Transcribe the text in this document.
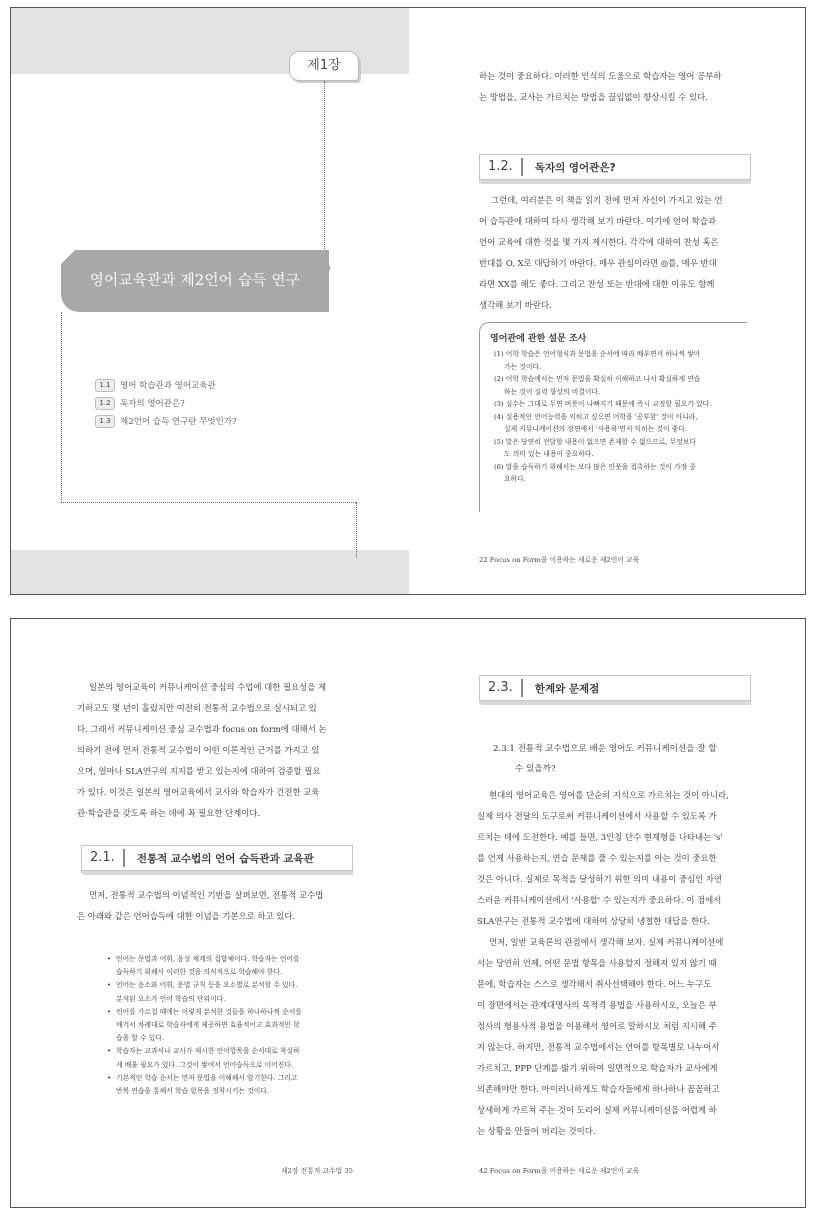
제1장
영어교육관과 제2언어 습득 연구
1.1	영어 학습관과 영어교육관
1.2	독자의 영어관은?
1.3	제2언어 습득 연구란 무엇인가?
하는 것이 중요하다. 이러한 인식의 도움으로 학습자는 영어 공부하
는 방법을, 교사는 가르치는 방법을 끊임없이 향상시킬 수 있다.
1.2.	독자의 영어관은?
그런데, 여러분은 이 책을 읽기 전에 먼저 자신이 가지고 있는 언
어 습득관에 대하여 다시 생각해 보기 바란다. 여기에 언어 학습과
언어 교육에 대한 것을 몇 가지 제시한다. 각각에 대하여 찬성 혹은
반대를 O, X로 대답하기 바란다. 매우 관심이라면 ◎를, 매우 반대
라면 XX를 해도 좋다. 그리고 찬성 또는 반대에 대한 이유도 함께
생각해 보기 바란다.
영어관에 관한 설문 조사
(1) 어학 학습은 언어형식과 문법을 순서에 따라 배우면서 하나씩 쌓아
가는 것이다.
(2) 어학 학습에서는 먼저 문법을 확실히 이해하고 나서 확실하게 연습
하는 것이 실력 향상의 비결이다.
(3) 실수는 그대로 두면 버릇이 나빠지기 때문에 즉시 교정할 필요가 있다.
(4) 실용적인 언어능력을 익히고 싶으면 어학을 '공부함' 것이 아니라,
실제 커뮤니케이션의 장면에서 '사용하'면서 익히는 것이 좋다.
(5) 말은 당연히 전달할 내용이 없으면 존재할 수 없으므로, 무엇보다
도 의미 있는 내용이 중요하다.
(6) 말을 습득하기 위해서는 보다 많은 인풋을 접촉하는 것이 가장 중
요하다.
22 Focus on Form을 이용하는 새로운 제2언어 교육
일본의 영어교육이 커뮤니케이션 중심의 수업에 대한 필요성을 제
기하고도 몇 년이 흘렀지만 여전히 전통적 교수법으로 실시되고 있
다. 그래서 커뮤니케이션 중심 교수법과 focus on form에 대해서 논
의하기 전에 먼저 전통적 교수법이 어떤 이론적인 근거를 가지고 있
으며, 얼마나 SLA연구의 지지를 받고 있는지에 대하여 검증할 필요
가 있다. 이것은 일본의 영어교육에서 교사와 학습자가 건전한 교육
관·학습관을 갖도록 하는 데에 꼭 필요한 단계이다.
2.1.	전통적 교수법의 언어 습득관과 교육관
먼저, 전통적 교수법의 이념적인 기반을 살펴보면, 전통적 교수법
은 아래와 같은 언어습득에 대한 이념을 기본으로 하고 있다.
• 언어는 문법과 어휘, 음성 체계의 집합체이다. 학습자는 언어를
습득하기 위해서 이러한 것을 의식적으로 학습해야 한다.
• 언어는 음소와 어휘, 문법 규칙 등을 요소별로 분석할 수 있다.
분석된 요소가 언어 학습의 단위이다.
• 언어를 가르칠 때에는 이렇게 분석한 것들을 하나하나씩 순서를
매겨서 차례대로 학습자에게 제공하면 효율적이고 효과적인 학
습을 할 수 있다.
• 학습자는 교과서나 교사가 제시한 언어항목을 순서대로 착실하
게 배울 필요가 있다. 그것이 쌓여서 언어습득으로 이어진다.
• 기본적인 학습 순서는 먼저 문법을 이해해서 암기한다. 그리고
반복 연습을 통해서 학습 항목을 정착시키는 것이다.
제2장 전통적 교수법 35
2.3.	한계와 문제점
2.3.1 전통적 교수법으로 배운 영어도 커뮤니케이션을 잘 할
수 있을까?
현대의 영어교육은 영어를 단순히 지식으로 가르치는 것이 아니라,
실제 의사 전달의 도구로써 커뮤니케이션에서 사용할 수 있도록 가
르치는 데에 도전한다. 예를 들면, 3인칭 단수 현재형을 나타내는 's'
를 언제 사용하는지, 연습 문제를 풀 수 있는지를 아는 것이 중요한
것은 아니다. 실제로 목적을 달성하기 위한 의미 내용이 중심인 자연
스러운 커뮤니케이션에서 '사용할' 수 있는지가 중요하다. 이 점에서
SLA연구는 전통적 교수법에 대하여 상당히 냉철한 대답을 한다.
먼저, 일반 교육론의 관점에서 생각해 보자. 실제 커뮤니케이션에
서는 당연히 언제, 어떤 문법 항목을 사용할지 정해져 있지 않기 때
문에, 학습자는 스스로 생각해서 취사선택해야 한다. 어느 누구도
이 장면에서는 관계대명사의 목적격 용법을 사용하시오, 오늘은 부
정사의 형용사적 용법을 이용해서 영어로 말하시오 처럼 지시해 주
지 않는다. 하지만, 전통적 교수법에서는 언어를 항목별로 나누어서
가르치고, PPP 단계를 밟기 위하여 일면적으로 학습자가 교사에게
의존해야만 한다. 아이러니하게도 학습자들에게 하나하나 꼼꼼하고
상세하게 가르쳐 주는 것이 도리어 실제 커뮤니케이션을 어렵게 하
는 상황을 만들어 버리는 것이다.
42 Focus on Form을 이용하는 새로운 제2언어 교육
